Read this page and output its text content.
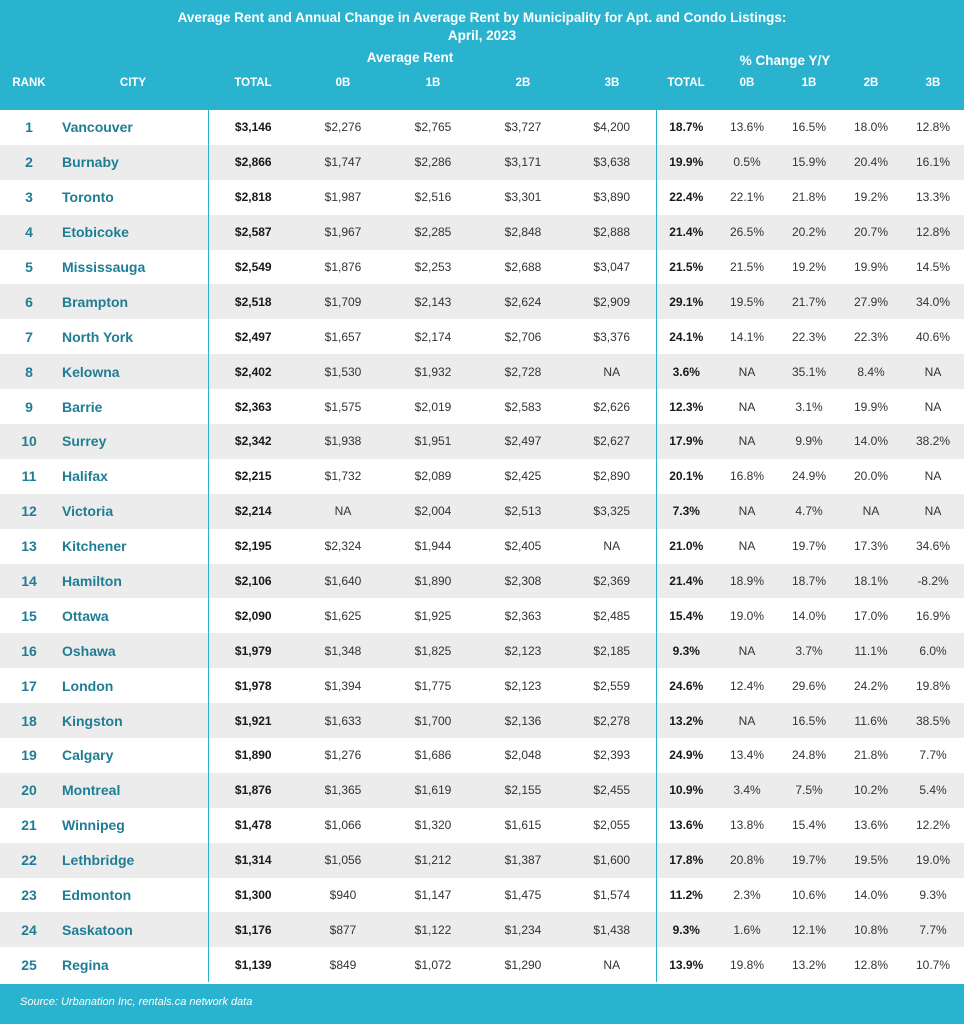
Average Rent and Annual Change in Average Rent by Municipality for Apt. and Condo Listings:
April, 2023
Average Rent	% Change Y/Y
RANK	CITY	TOTAL	0B	1B	2B	3B	TOTAL	0B	1B	2B	3B
1	Vancouver	$3,146	$2,276	$2,765	$3,727	$4,200	18.7%	13.6%	16.5%	18.0%	12.8%
2	Burnaby	$2,866	$1,747	$2,286	$3,171	$3,638	19.9%	0.5%	15.9%	20.4%	16.1%
3	Toronto	$2,818	$1,987	$2,516	$3,301	$3,890	22.4%	22.1%	21.8%	19.2%	13.3%
4	Etobicoke	$2,587	$1,967	$2,285	$2,848	$2,888	21.4%	26.5%	20.2%	20.7%	12.8%
5	Mississauga	$2,549	$1,876	$2,253	$2,688	$3,047	21.5%	21.5%	19.2%	19.9%	14.5%
6	Brampton	$2,518	$1,709	$2,143	$2,624	$2,909	29.1%	19.5%	21.7%	27.9%	34.0%
7	North York	$2,497	$1,657	$2,174	$2,706	$3,376	24.1%	14.1%	22.3%	22.3%	40.6%
8	Kelowna	$2,402	$1,530	$1,932	$2,728	NA	3.6%	NA	35.1%	8.4%	NA
9	Barrie	$2,363	$1,575	$2,019	$2,583	$2,626	12.3%	NA	3.1%	19.9%	NA
10	Surrey	$2,342	$1,938	$1,951	$2,497	$2,627	17.9%	NA	9.9%	14.0%	38.2%
11	Halifax	$2,215	$1,732	$2,089	$2,425	$2,890	20.1%	16.8%	24.9%	20.0%	NA
12	Victoria	$2,214	NA	$2,004	$2,513	$3,325	7.3%	NA	4.7%	NA	NA
13	Kitchener	$2,195	$2,324	$1,944	$2,405	NA	21.0%	NA	19.7%	17.3%	34.6%
14	Hamilton	$2,106	$1,640	$1,890	$2,308	$2,369	21.4%	18.9%	18.7%	18.1%	-8.2%
15	Ottawa	$2,090	$1,625	$1,925	$2,363	$2,485	15.4%	19.0%	14.0%	17.0%	16.9%
16	Oshawa	$1,979	$1,348	$1,825	$2,123	$2,185	9.3%	NA	3.7%	11.1%	6.0%
17	London	$1,978	$1,394	$1,775	$2,123	$2,559	24.6%	12.4%	29.6%	24.2%	19.8%
18	Kingston	$1,921	$1,633	$1,700	$2,136	$2,278	13.2%	NA	16.5%	11.6%	38.5%
19	Calgary	$1,890	$1,276	$1,686	$2,048	$2,393	24.9%	13.4%	24.8%	21.8%	7.7%
20	Montreal	$1,876	$1,365	$1,619	$2,155	$2,455	10.9%	3.4%	7.5%	10.2%	5.4%
21	Winnipeg	$1,478	$1,066	$1,320	$1,615	$2,055	13.6%	13.8%	15.4%	13.6%	12.2%
22	Lethbridge	$1,314	$1,056	$1,212	$1,387	$1,600	17.8%	20.8%	19.7%	19.5%	19.0%
23	Edmonton	$1,300	$940	$1,147	$1,475	$1,574	11.2%	2.3%	10.6%	14.0%	9.3%
24	Saskatoon	$1,176	$877	$1,122	$1,234	$1,438	9.3%	1.6%	12.1%	10.8%	7.7%
25	Regina	$1,139	$849	$1,072	$1,290	NA	13.9%	19.8%	13.2%	12.8%	10.7%
Source: Urbanation Inc, rentals.ca network data
